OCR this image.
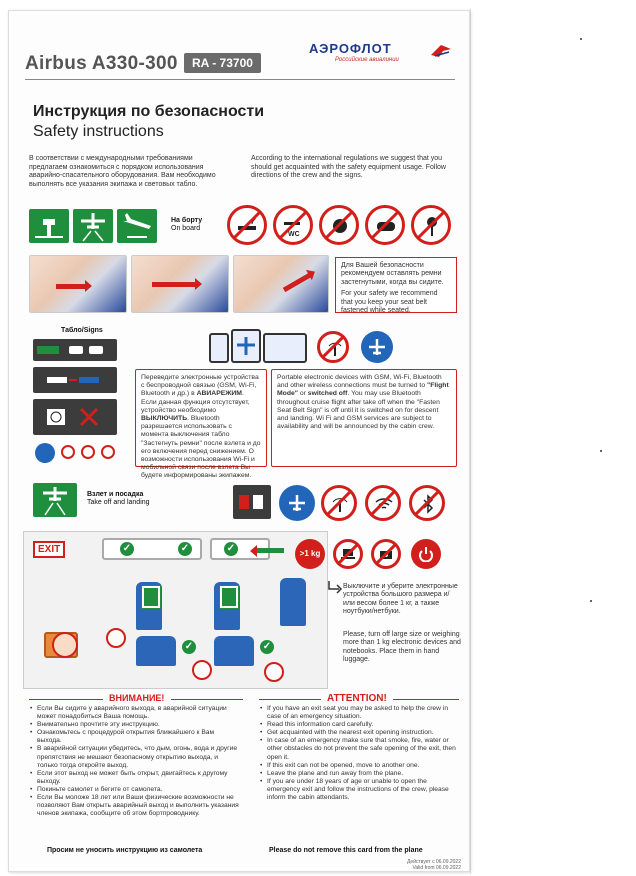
Airbus A330-300	RA - 73700
АЭРОФЛОТ
Российские авиалинии
Инструкция по безопасности
Safety instructions
В соответствии с международными требованиями предлагаем ознакомиться с порядком использования аварийно-спасательного оборудования. Вам необходимо выполнять все указания экипажа и световых табло.
According to the international regulations we suggest that you should get acquainted with the safety equipment usage. Follow directions of the crew and the signs.
На борту
On board
WC
Для Вашей безопасности рекомендуем оставлять ремни застегнутыми, когда вы сидите.
For your safety we recommend that you keep your seat belt fastened while seated.
Табло/Signs
Переведите электронные устройства с беспроводной связью (GSM, Wi-Fi, Bluetooth и др.) в АВИАРЕЖИМ. Если данная функция отсутствует, устройство необходимо ВЫКЛЮЧИТЬ. Bluetooth разрешается использовать с момента выключения табло "Застегнуть ремни" после взлета и до его включения перед снижением. О возможности использования Wi-Fi и мобильной связи после взлета Вы будете информированы экипажем.
Portable electronic devices with GSM, Wi-Fi, Bluetooth and other wireless connections must be turned to "Flight Mode" or switched off. You may use Bluetooth throughout cruise flight after take off when the "Fasten Seat Belt Sign" is off until it is switched on for descent and landing. Wi Fi and GSM services are subject to availability and will be announced by the cabin crew.
Взлет и посадка
Take off and landing
✓	✓	✓
✓	✓
EXIT	>1 kg
Выключите и уберите электронные устройства большого размера и/или весом более 1 кг, а также ноутбуки/нетбуки.
Please, turn off large size or weighing more than 1 kg electronic devices and notebooks. Place them in hand luggage.
ВНИМАНИЕ!	ATTENTION!
• Если Вы сидите у аварийного выхода, в аварийной ситуации может понадобиться Ваша помощь.
• Внимательно прочтите эту инструкцию.
• Ознакомьтесь с процедурой открытия ближайшего к Вам выхода.
• В аварийной ситуации убедитесь, что дым, огонь, вода и другие препятствия не мешают безопасному открытию выхода, и только тогда откройте выход.
• Если этот выход не может быть открыт, двигайтесь к другому выходу.
• Покиньте самолет и бегите от самолета.
• Если Вы моложе 18 лет или Ваши физические возможности не позволяют Вам открыть аварийный выход и выполнить указания членов экипажа, сообщите об этом бортпроводнику.
• If you have an exit seat you may be asked to help the crew in case of an emergency situation.
• Read this information card carefully.
• Get acquainted with the nearest exit opening instruction.
• In case of an emergency make sure that smoke, fire, water or other obstacles do not prevent the safe opening of the exit, then open it.
• If this exit can not be opened, move to another one.
• Leave the plane and run away from the plane.
• If you are under 18 years of age or unable to open the emergency exit and follow the instructions of the crew, please inform the cabin attendants.
Просим не уносить инструкцию из самолета	Please do not remove this card from the plane
Действует с 06.09.2022
Valid from 06.09.2022
